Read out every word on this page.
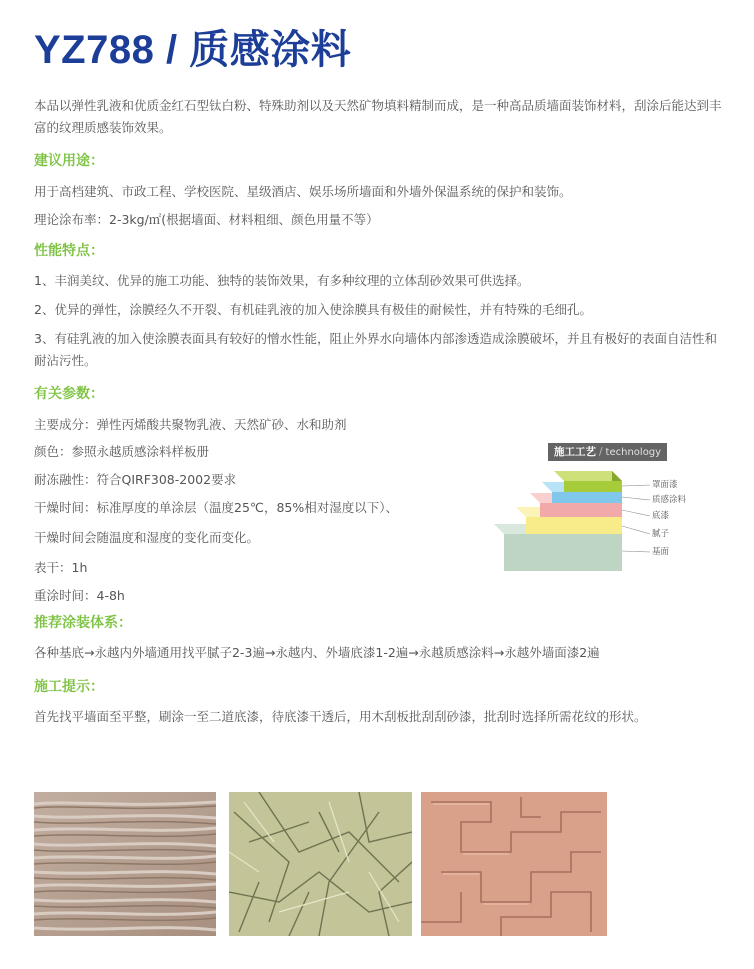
YZ788 / 质感涂料

本品以弹性乳液和优质金红石型钛白粉、特殊助剂以及天然矿物填料精制而成，是一种高品质墙面装饰材料，刮涂后能达到丰富的纹理质感装饰效果。

建议用途：

用于高档建筑、市政工程、学校医院、星级酒店、娱乐场所墙面和外墙外保温系统的保护和装饰。

理论涂布率：2-3kg/㎡(根据墙面、材料粗细、颜色用量不等）

性能特点：

1、丰润美纹、优异的施工功能、独特的装饰效果，有多种纹理的立体刮砂效果可供选择。

2、优异的弹性，涂膜经久不开裂、有机硅乳液的加入使涂膜具有极佳的耐候性，并有特殊的毛细孔。

3、有硅乳液的加入使涂膜表面具有较好的憎水性能，阻止外界水向墙体内部渗透造成涂膜破坏，并且有极好的表面自洁性和耐沾污性。

有关参数：

主要成分：弹性丙烯酸共聚物乳液、天然矿砂、水和助剂

颜色：参照永越质感涂料样板册

耐冻融性：符合QIRF308-2002要求

干燥时间：标准厚度的单涂层（温度25℃，85%相对湿度以下）、

干燥时间会随温度和湿度的变化而变化。

表干：1h

重涂时间：4-8h

推荐涂装体系：

各种基底→永越内外墙通用找平腻子2-3遍→永越内、外墙底漆1-2遍→永越质感涂料→永越外墙面漆2遍

施工提示：

首先找平墙面至平整，刷涂一至二道底漆，待底漆干透后，用木刮板批刮刮砂漆，批刮时选择所需花纹的形状。

施工工艺 / technology
罩面漆
质感涂料
底漆
腻子
基面
